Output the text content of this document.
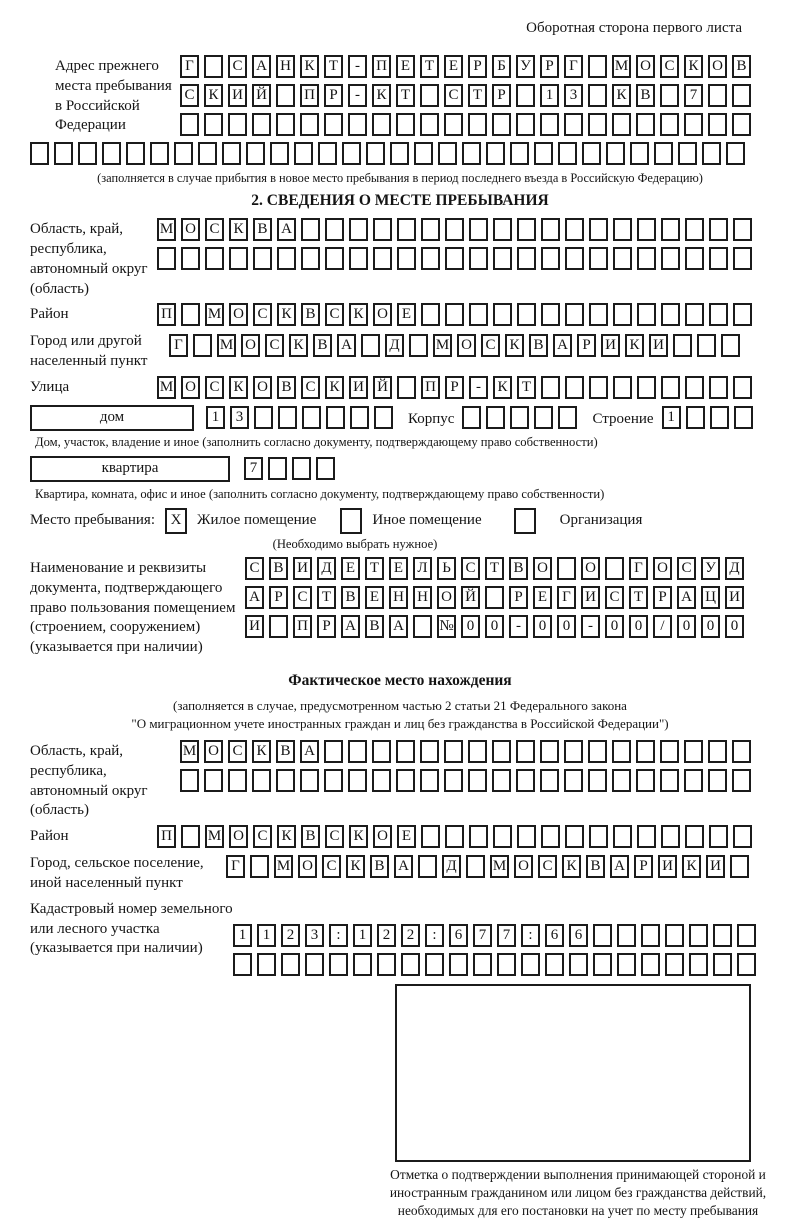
Оборотная сторона первого листа
Адрес прежнего места пребывания в Российской Федерации
Г	С А Н К Т	-	П Е Т Е	Р	Б У Р	Г	М О С К О В
С К И Й П Р	-	К Т	С Т	Р	1	3	К В	7
(заполняется в случае прибытия в новое место пребывания в период последнего въезда в Российскую Федерацию)
2. СВЕДЕНИЯ О МЕСТЕ ПРЕБЫВАНИЯ
Область, край, республика, автономный округ (область)
М О С К В А
Район	П М О С К В С К О Е
Город или другой населенный пункт
Г	М О С К В А Д М О С К В А Р И К И
Улица	М О С К О В С К И Й П Р	-	К Т
дом	1	3	Корпус	Строение 1
Дом, участок, владение и иное (заполнить согласно документу, подтверждающему право собственности)
квартира	7
Квартира, комната, офис и иное (заполнить согласно документу, подтверждающему право собственности)
Место пребывания:	X	Жилое помещение	Иное помещение	Организация
(Необходимо выбрать нужное)
Наименование и реквизиты документа, подтверждающего право пользования помещением (строением, сооружением) (указывается при наличии)
С В И Д Е Т Е Л Ь С Т В О О	Г О С У Д
А Р С Т В Е Н Н О Й	Р	Е	Г И С Т	Р А Ц И
И П Р А В А № 0	0	-	0	0	-	0	0	/	0	0	0
Фактическое место нахождения
(заполняется в случае, предусмотренном частью 2 статьи 21 Федерального закона
"О миграционном учете иностранных граждан и лиц без гражданства в Российской Федерации")
Область, край, республика, автономный округ (область)
М О С К В А
Район	П М О С К В С К О Е
Город, сельское поселение, иной населенный пункт
Г	М О С К В А Д М О С К В А Р И К И
Кадастровый номер земельного или лесного участка (указывается при наличии)
1	1	2	3	:	1	2	2	:	6	7	7	:	6	6
Отметка о подтверждении выполнения принимающей стороной и иностранным гражданином или лицом без гражданства действий, необходимых для его постановки на учет по месту пребывания
